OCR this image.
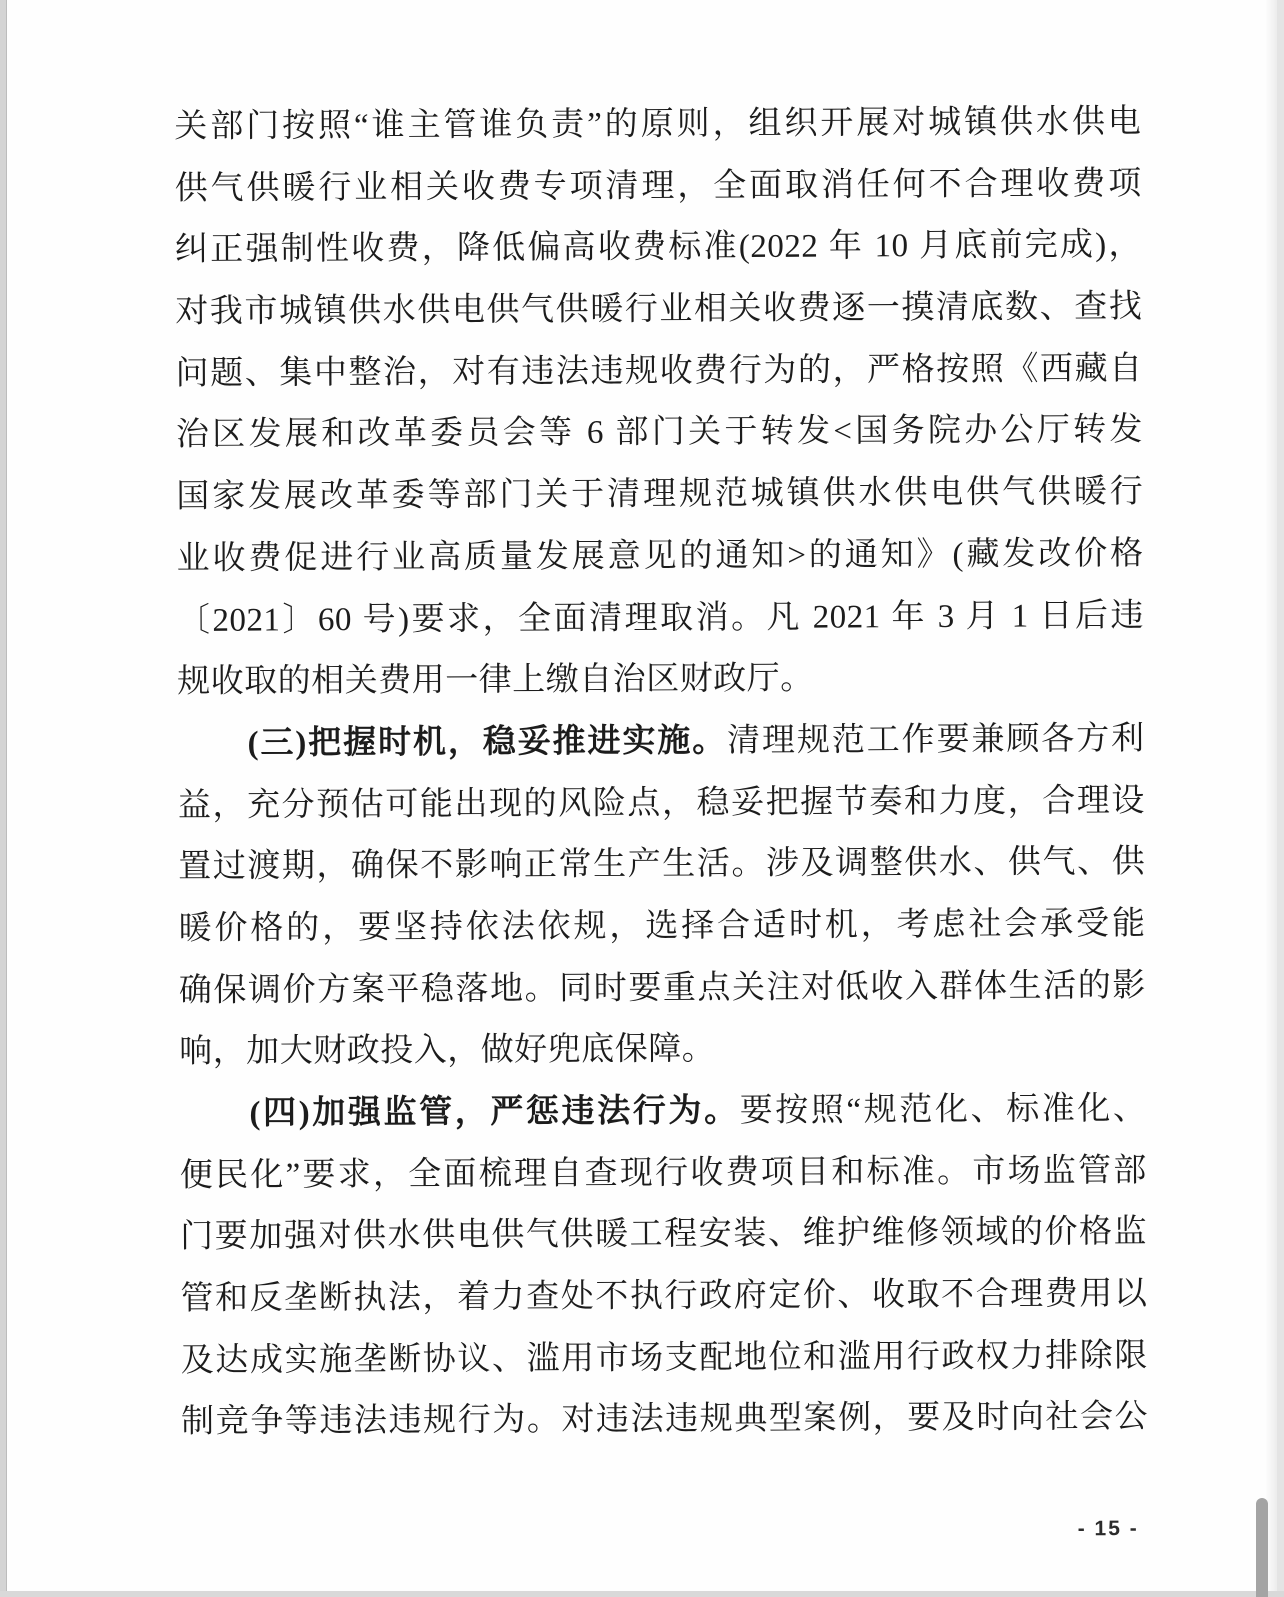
关部门按照“谁主管谁负责”的原则，组织开展对城镇供水供电
供气供暖行业相关收费专项清理，全面取消任何不合理收费项目，
纠正强制性收费，降低偏高收费标准(2022 年 10 月底前完成)，
对我市城镇供水供电供气供暖行业相关收费逐一摸清底数、查找
问题、集中整治，对有违法违规收费行为的，严格按照《西藏自
治区发展和改革委员会等 6 部门关于转发<国务院办公厅转发
国家发展改革委等部门关于清理规范城镇供水供电供气供暖行
业收费促进行业高质量发展意见的通知>的通知》(藏发改价格
〔2021〕60 号)要求，全面清理取消。凡 2021 年 3 月 1 日后违
规收取的相关费用一律上缴自治区财政厅。
(三)把握时机，稳妥推进实施。清理规范工作要兼顾各方利
益，充分预估可能出现的风险点，稳妥把握节奏和力度，合理设
置过渡期，确保不影响正常生产生活。涉及调整供水、供气、供
暖价格的，要坚持依法依规，选择合适时机，考虑社会承受能力，
确保调价方案平稳落地。同时要重点关注对低收入群体生活的影
响，加大财政投入，做好兜底保障。
(四)加强监管，严惩违法行为。要按照“规范化、标准化、
便民化”要求，全面梳理自查现行收费项目和标准。市场监管部
门要加强对供水供电供气供暖工程安装、维护维修领域的价格监
管和反垄断执法，着力查处不执行政府定价、收取不合理费用以
及达成实施垄断协议、滥用市场支配地位和滥用行政权力排除限
制竞争等违法违规行为。对违法违规典型案例，要及时向社会公
- 15 -
